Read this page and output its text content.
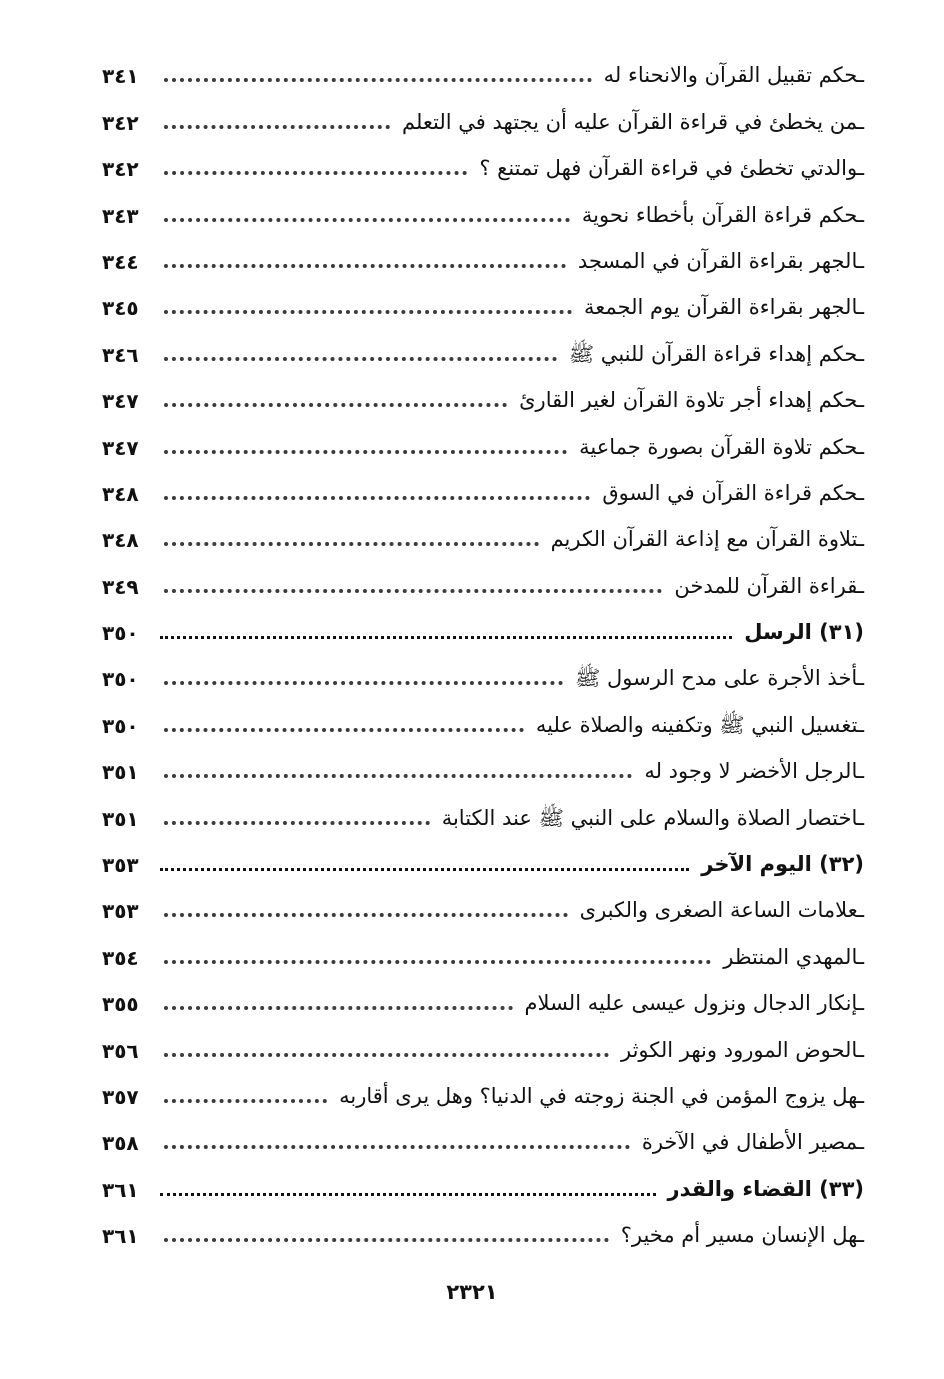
ـحكم تقبيل القرآن والانحناء له
٣٤١
ـمن يخطئ في قراءة القرآن عليه أن يجتهد في التعلم
٣٤٢
ـوالدتي تخطئ في قراءة القرآن فهل تمتنع ؟
٣٤٢
ـحكم قراءة القرآن بأخطاء نحوية
٣٤٣
ـالجهر بقراءة القرآن في المسجد
٣٤٤
ـالجهر بقراءة القرآن يوم الجمعة
٣٤٥
ـحكم إهداء قراءة القرآن للنبي ﷺ
٣٤٦
ـحكم إهداء أجر تلاوة القرآن لغير القارئ
٣٤٧
ـحكم تلاوة القرآن بصورة جماعية
٣٤٧
ـحكم قراءة القرآن في السوق
٣٤٨
ـتلاوة القرآن مع إذاعة القرآن الكريم
٣٤٨
ـقراءة القرآن للمدخن
٣٤٩
(٣١) الرسل
٣٥٠
ـأخذ الأجرة على مدح الرسول ﷺ
٣٥٠
ـتغسيل النبي ﷺ وتكفينه والصلاة عليه
٣٥٠
ـالرجل الأخضر لا وجود له
٣٥١
ـاختصار الصلاة والسلام على النبي ﷺ عند الكتابة
٣٥١
(٣٢) اليوم الآخر
٣٥٣
ـعلامات الساعة الصغرى والكبرى
٣٥٣
ـالمهدي المنتظر
٣٥٤
ـإنكار الدجال ونزول عيسى عليه السلام
٣٥٥
ـالحوض المورود ونهر الكوثر
٣٥٦
ـهل يزوج المؤمن في الجنة زوجته في الدنيا؟ وهل يرى أقاربه
٣٥٧
ـمصير الأطفال في الآخرة
٣٥٨
(٣٣) القضاء والقدر
٣٦١
ـهل الإنسان مسير أم مخير؟
٣٦١
٢٣٢١
